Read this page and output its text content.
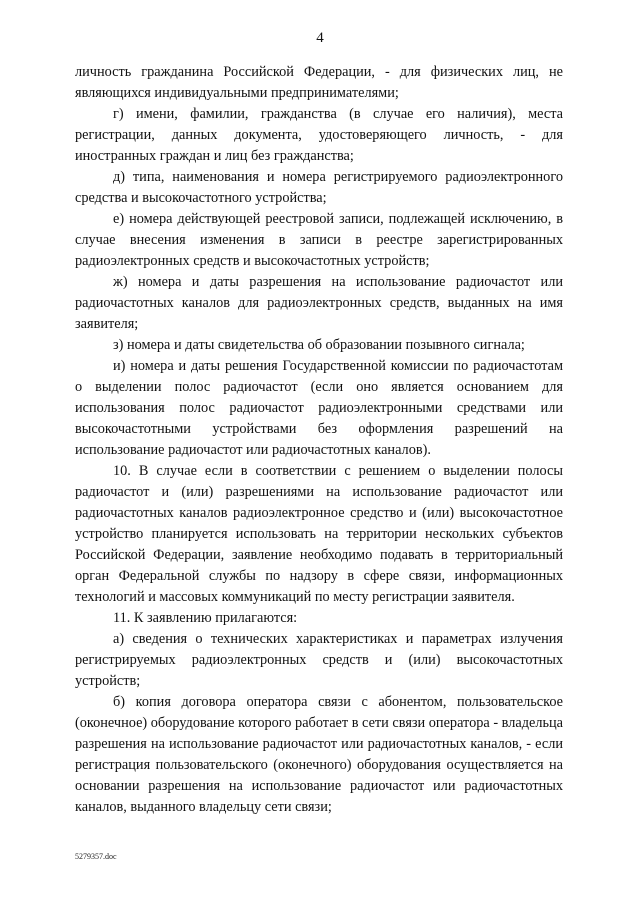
4

личность гражданина Российской Федерации, - для физических лиц, не являющихся индивидуальными предпринимателями;

г) имени, фамилии, гражданства (в случае его наличия), места регистрации, данных документа, удостоверяющего личность, - для иностранных граждан и лиц без гражданства;

д) типа, наименования и номера регистрируемого радиоэлектронного средства и высокочастотного устройства;

е) номера действующей реестровой записи, подлежащей исключению, в случае внесения изменения в записи в реестре зарегистрированных радиоэлектронных средств и высокочастотных устройств;

ж) номера и даты разрешения на использование радиочастот или радиочастотных каналов для радиоэлектронных средств, выданных на имя заявителя;

з) номера и даты свидетельства об образовании позывного сигнала;

и) номера и даты решения Государственной комиссии по радиочастотам о выделении полос радиочастот (если оно является основанием для использования полос радиочастот радиоэлектронными средствами или высокочастотными устройствами без оформления разрешений на использование радиочастот или радиочастотных каналов).

10. В случае если в соответствии с решением о выделении полосы радиочастот и (или) разрешениями на использование радиочастот или радиочастотных каналов радиоэлектронное средство и (или) высокочастотное устройство планируется использовать на территории нескольких субъектов Российской Федерации, заявление необходимо подавать в территориальный орган Федеральной службы по надзору в сфере связи, информационных технологий и массовых коммуникаций по месту регистрации заявителя.

11. К заявлению прилагаются:

а) сведения о технических характеристиках и параметрах излучения регистрируемых радиоэлектронных средств и (или) высокочастотных устройств;

б) копия договора оператора связи с абонентом, пользовательское (оконечное) оборудование которого работает в сети связи оператора - владельца разрешения на использование радиочастот или радиочастотных каналов, - если регистрация пользовательского (оконечного) оборудования осуществляется на основании разрешения на использование радиочастот или радиочастотных каналов, выданного владельцу сети связи;

5279357.doc
